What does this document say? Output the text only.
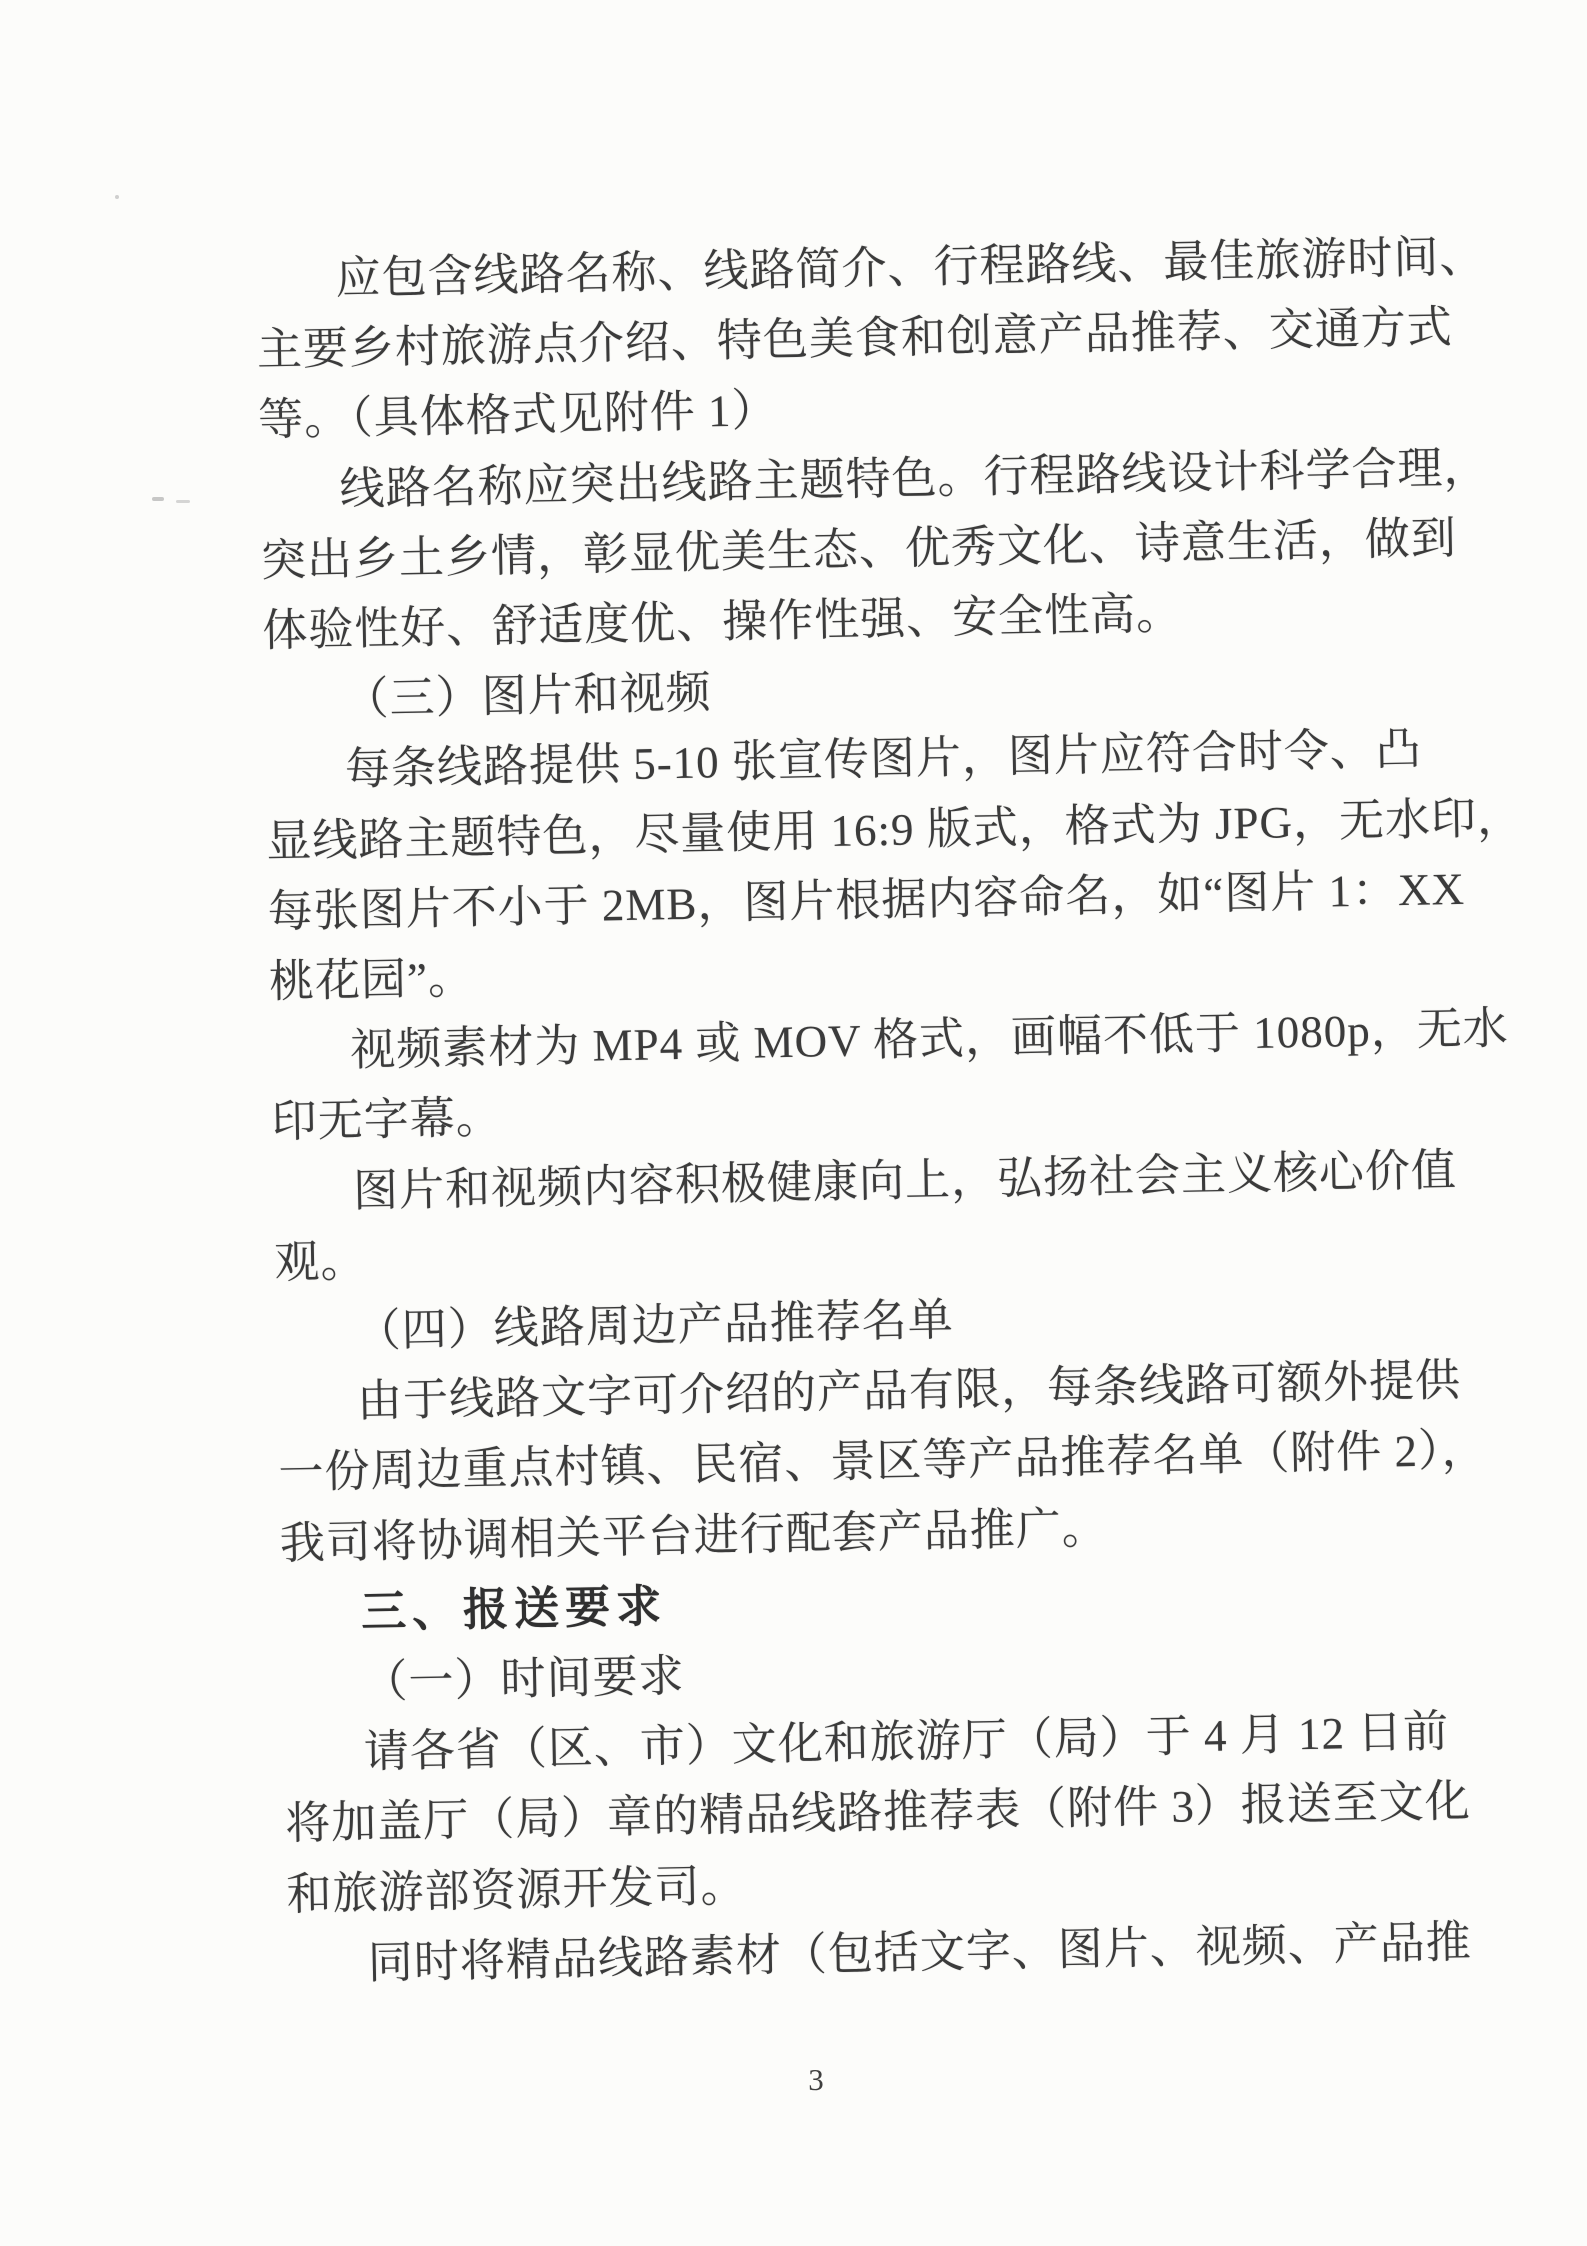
应包含线路名称、线路简介、行程路线、最佳旅游时间、
主要乡村旅游点介绍、特色美食和创意产品推荐、交通方式
等。（具体格式见附件 1）
线路名称应突出线路主题特色。行程路线设计科学合理，
突出乡土乡情，彰显优美生态、优秀文化、诗意生活，做到
体验性好、舒适度优、操作性强、安全性高。
（三）图片和视频
每条线路提供 5-10 张宣传图片，图片应符合时令、凸
显线路主题特色，尽量使用 16:9 版式，格式为 JPG，无水印，
每张图片不小于 2MB，图片根据内容命名，如“图片 1：XX
桃花园”。
视频素材为 MP4 或 MOV 格式，画幅不低于 1080p，无水
印无字幕。
图片和视频内容积极健康向上，弘扬社会主义核心价值
观。
（四）线路周边产品推荐名单
由于线路文字可介绍的产品有限，每条线路可额外提供
一份周边重点村镇、民宿、景区等产品推荐名单（附件 2），
我司将协调相关平台进行配套产品推广。
三、报送要求
（一）时间要求
请各省（区、市）文化和旅游厅（局）于 4 月 12 日前
将加盖厅（局）章的精品线路推荐表（附件 3）报送至文化
和旅游部资源开发司。
同时将精品线路素材（包括文字、图片、视频、产品推
3
